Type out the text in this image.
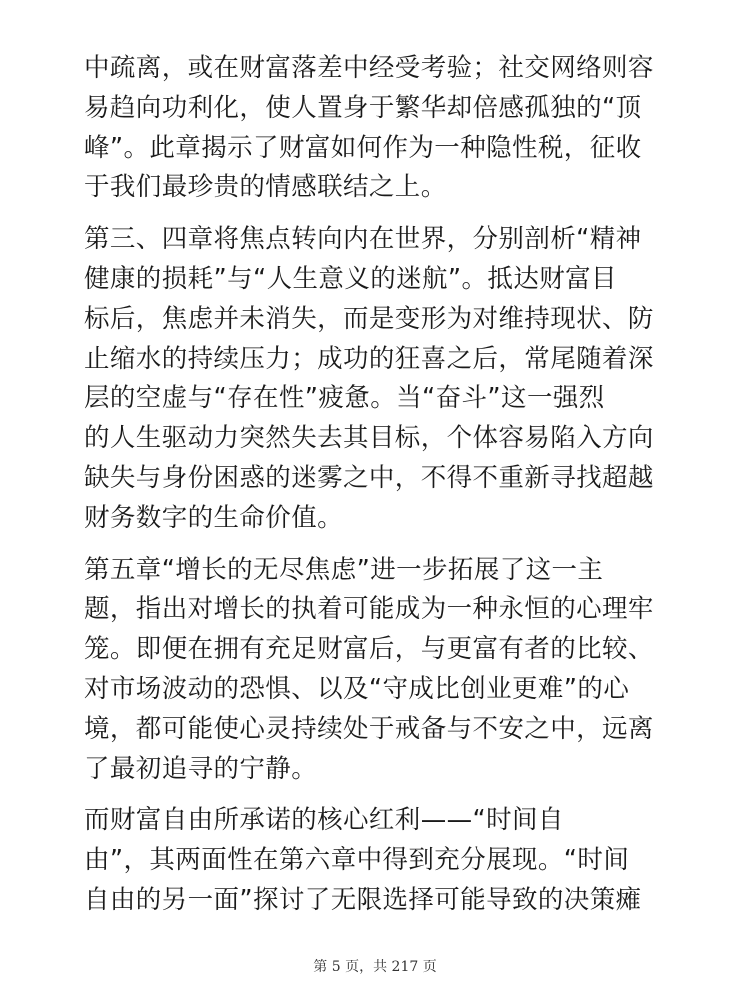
中疏离，或在财富落差中经受考验；社交网络则容
易趋向功利化，使人置身于繁华却倍感孤独的“顶
峰”。此章揭示了财富如何作为一种隐性税，征收
于我们最珍贵的情感联结之上。
第三、四章将焦点转向内在世界，分别剖析“精神
健康的损耗”与“人生意义的迷航”。抵达财富目
标后，焦虑并未消失，而是变形为对维持现状、防
止缩水的持续压力；成功的狂喜之后，常尾随着深
层的空虚与“存在性”疲惫。当“奋斗”这一强烈
的人生驱动力突然失去其目标，个体容易陷入方向
缺失与身份困惑的迷雾之中，不得不重新寻找超越
财务数字的生命价值。
第五章“增长的无尽焦虑”进一步拓展了这一主
题，指出对增长的执着可能成为一种永恒的心理牢
笼。即便在拥有充足财富后，与更富有者的比较、
对市场波动的恐惧、以及“守成比创业更难”的心
境，都可能使心灵持续处于戒备与不安之中，远离
了最初追寻的宁静。
而财富自由所承诺的核心红利——“时间自
由”，其两面性在第六章中得到充分展现。“时间
自由的另一面”探讨了无限选择可能导致的决策瘫
第 5 页，共 217 页
